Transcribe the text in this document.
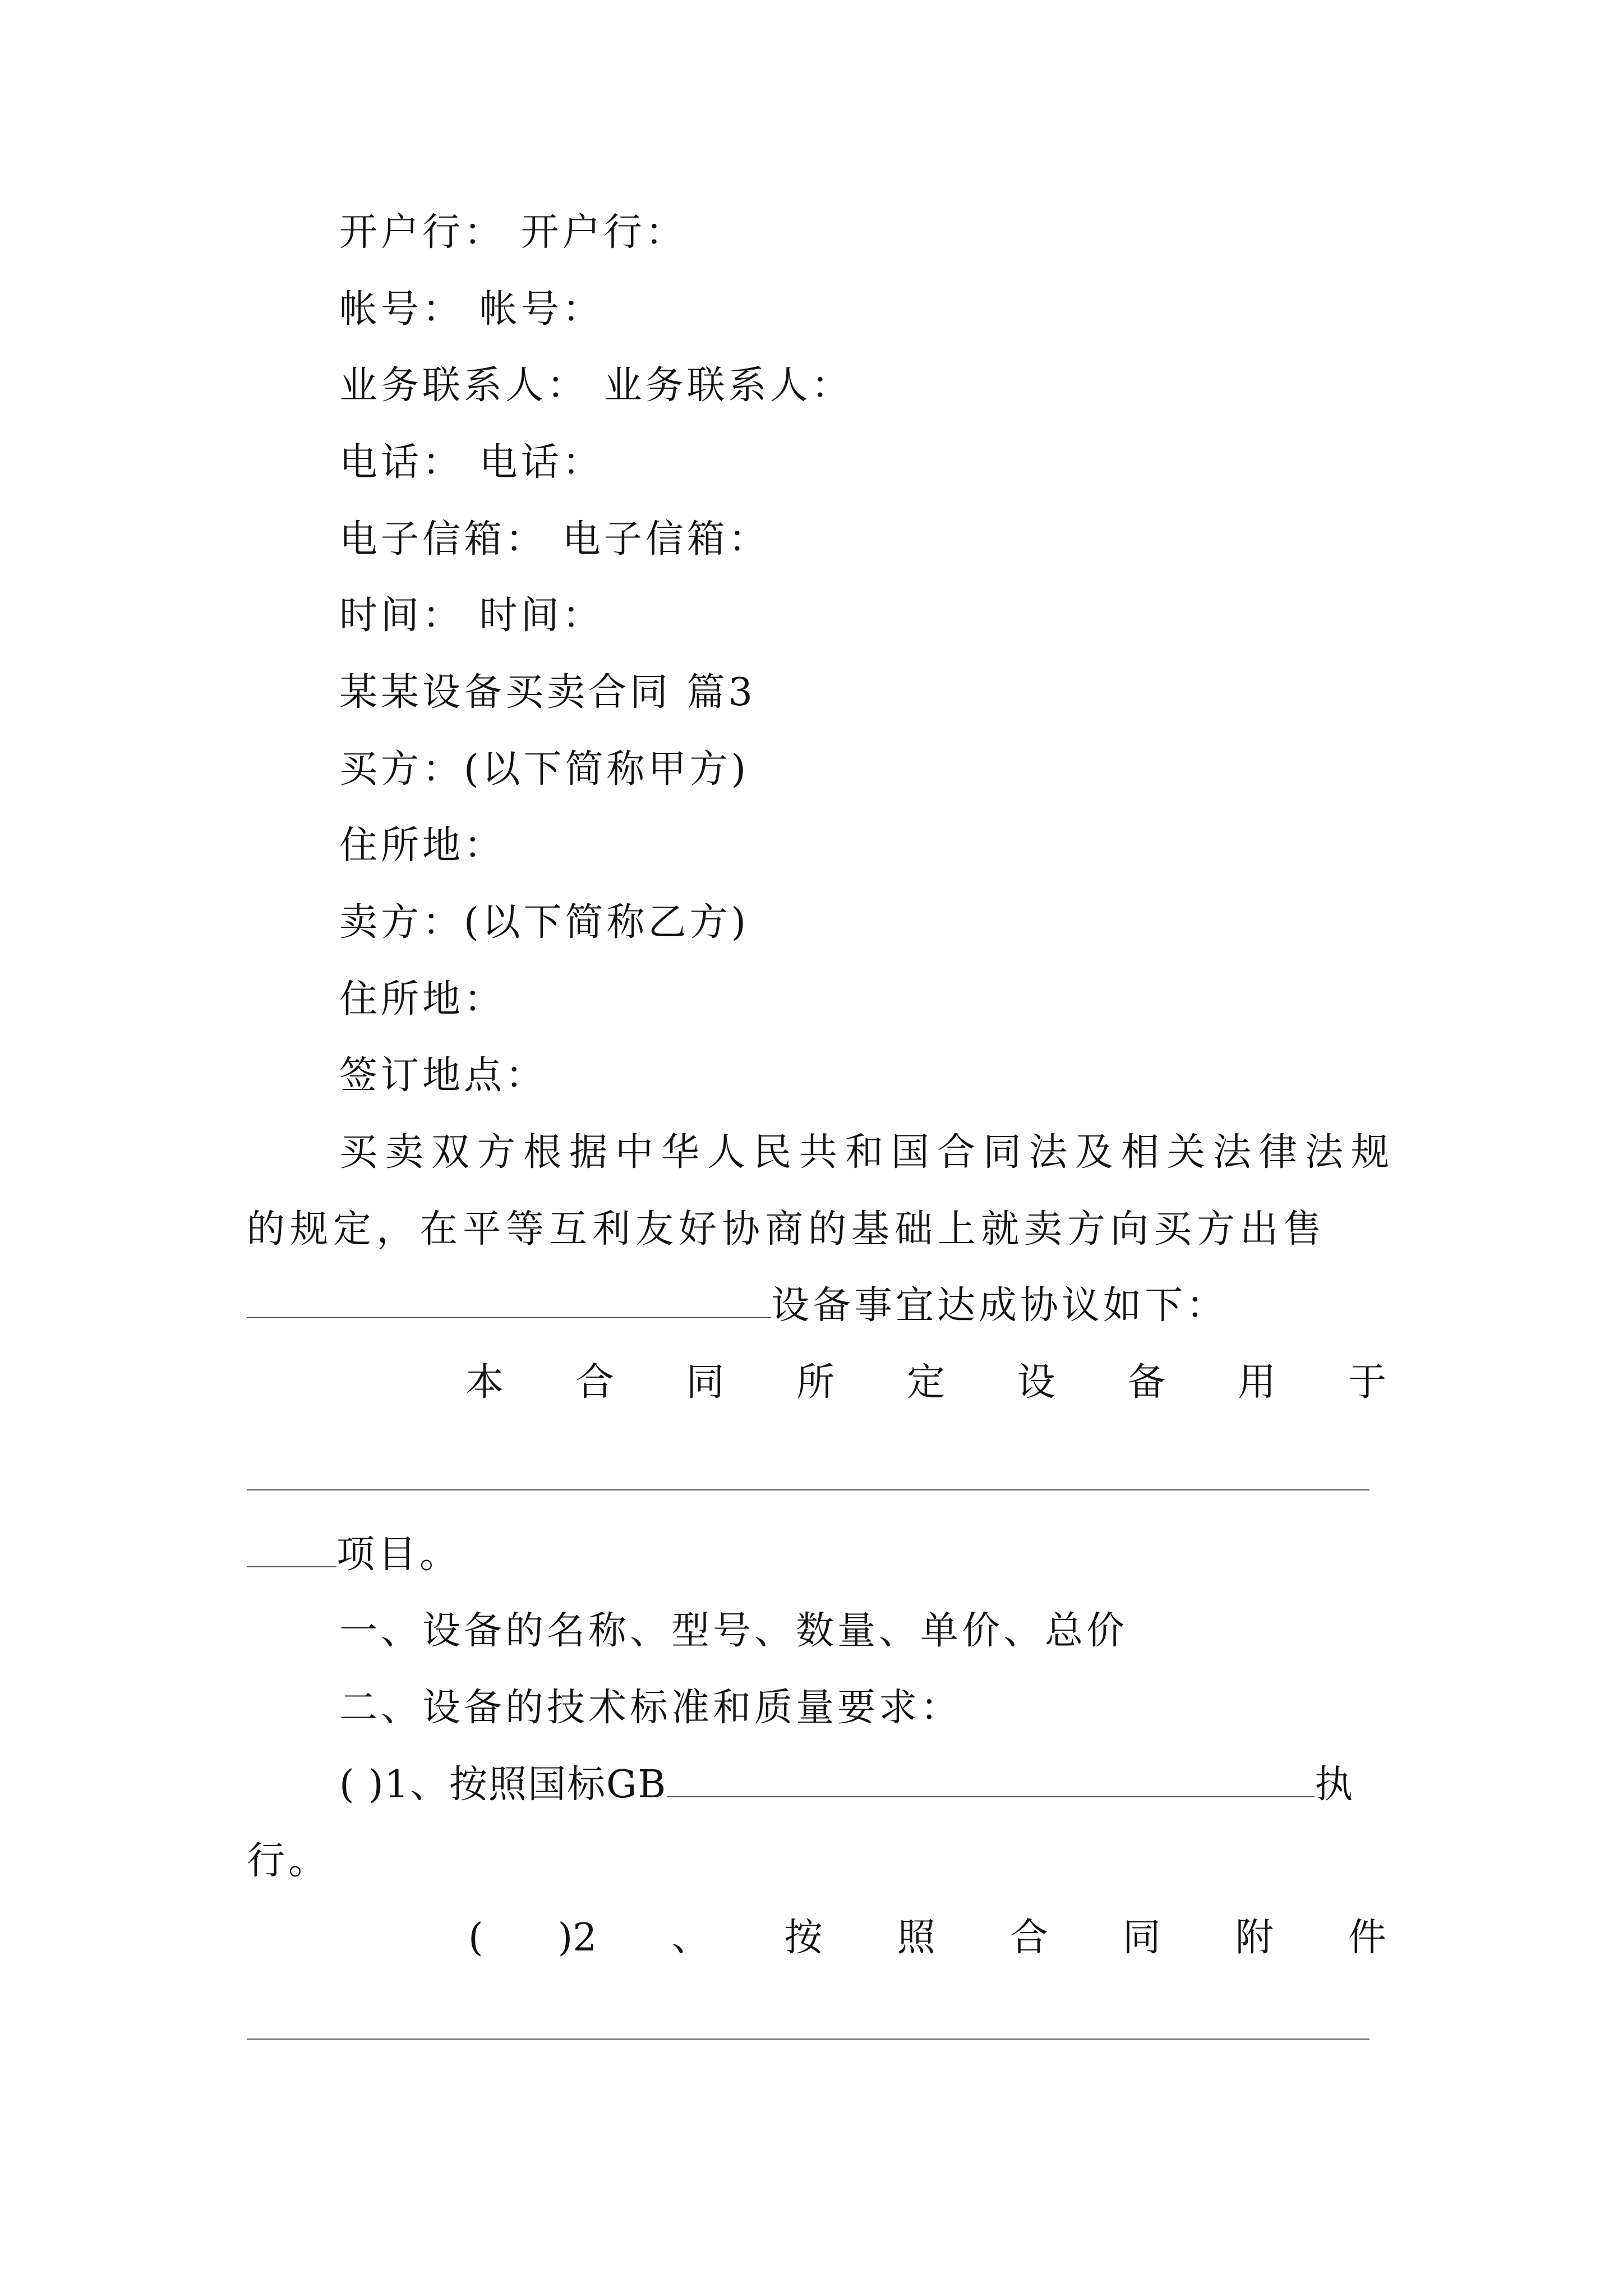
开户行： 开户行：
帐号： 帐号：
业务联系人： 业务联系人：
电话： 电话：
电子信箱： 电子信箱：
时间： 时间：
某某设备买卖合同 篇3
买方：(以下简称甲方)
住所地：
卖方：(以下简称乙方)
住所地：
签订地点：
买卖双方根据中华人民共和国合同法及相关法律法规
的规定，在平等互利友好协商的基础上就卖方向买方出售
设备事宜达成协议如下：
本 合 同 所 定 设 备 用 于
项目。
一、设备的名称、型号、数量、单价、总价
二、设备的技术标准和质量要求：
( )1、按照国标GB	执
行。
( )2 、 按 照 合 同 附 件
